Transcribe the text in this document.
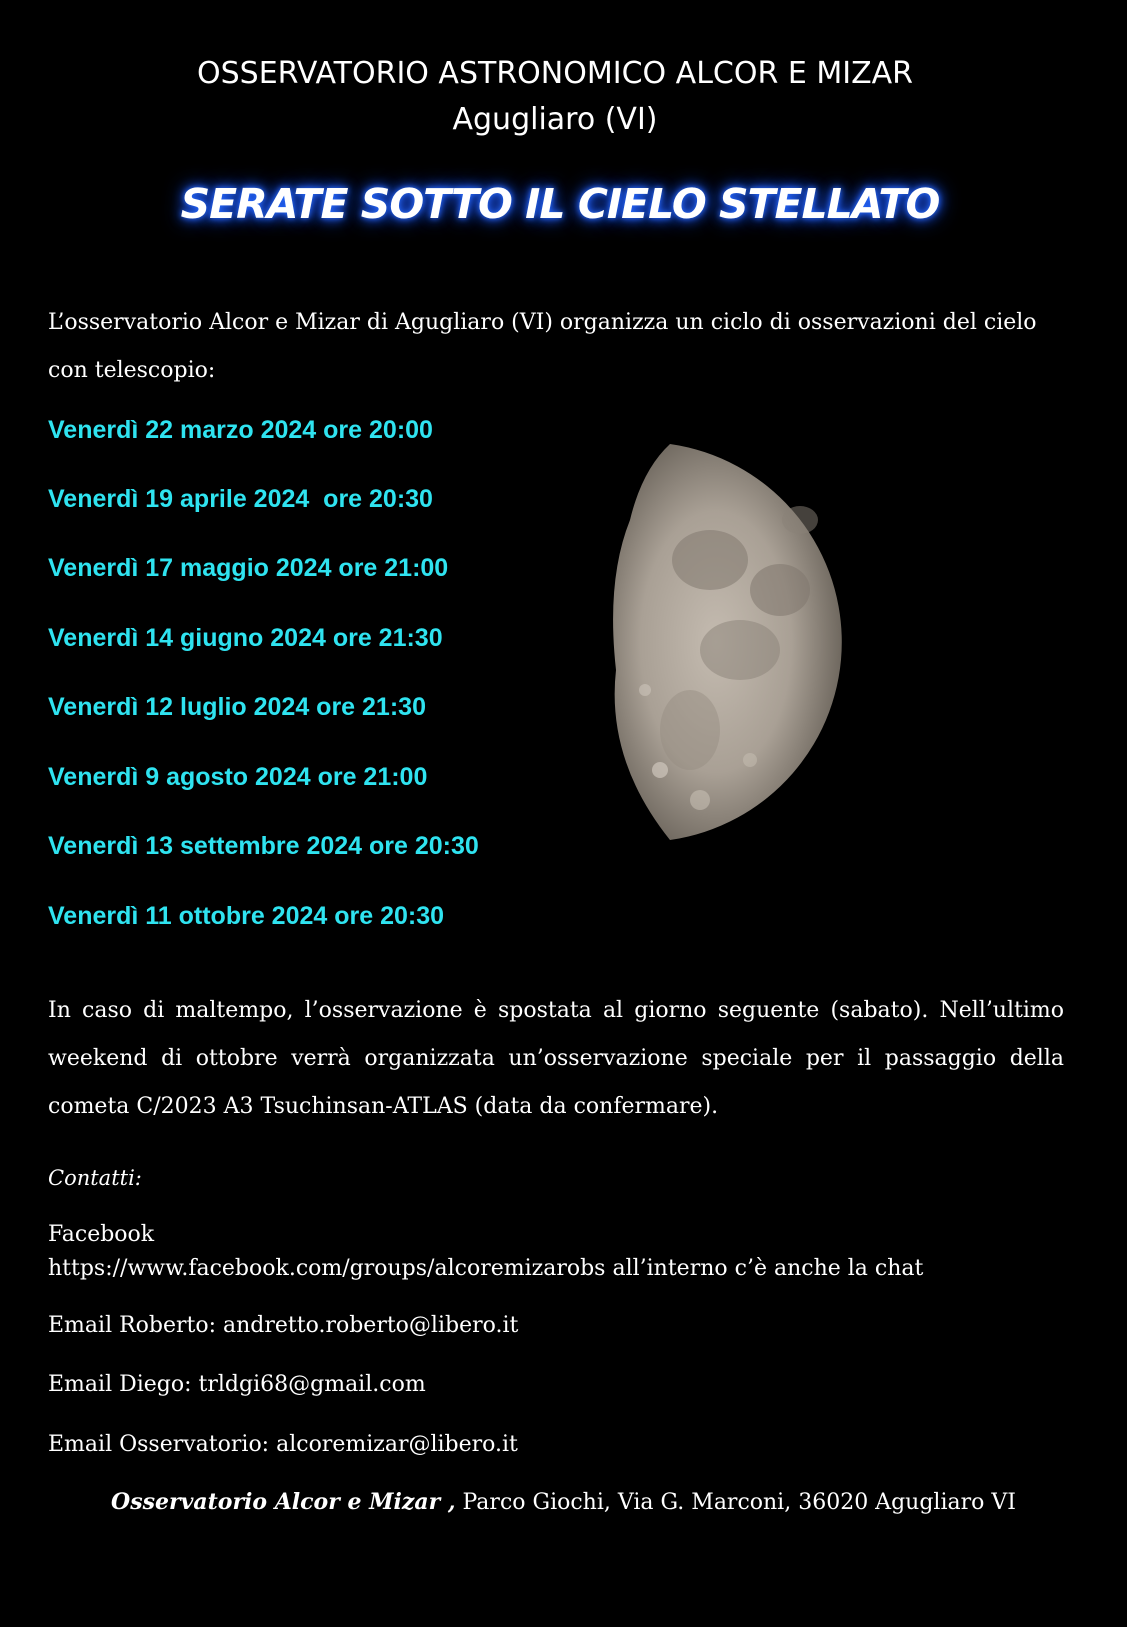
OSSERVATORIO ASTRONOMICO ALCOR E MIZAR
Agugliaro (VI)
SERATE SOTTO IL CIELO STELLATO
L’osservatorio Alcor e Mizar di Agugliaro (VI) organizza un ciclo di osservazioni del cielo con telescopio:
Venerdì 22 marzo 2024 ore 20:00
Venerdì 19 aprile 2024  ore 20:30
Venerdì 17 maggio 2024 ore 21:00
Venerdì 14 giugno 2024 ore 21:30
Venerdì 12 luglio 2024 ore 21:30
Venerdì 9 agosto 2024 ore 21:00
Venerdì 13 settembre 2024 ore 20:30
Venerdì 11 ottobre 2024 ore 20:30
In caso di maltempo, l’osservazione è spostata al giorno seguente (sabato). Nell’ultimo weekend di ottobre verrà organizzata un’osservazione speciale per il passaggio della cometa C/2023 A3 Tsuchinsan-ATLAS (data da confermare).
Contatti:
Facebook
https://www.facebook.com/groups/alcoremizarobs all’interno c’è anche la chat
Email Roberto: andretto.roberto@libero.it
Email Diego: trldgi68@gmail.com
Email Osservatorio: alcoremizar@libero.it
Osservatorio Alcor e Mizar , Parco Giochi, Via G. Marconi, 36020 Agugliaro VI
